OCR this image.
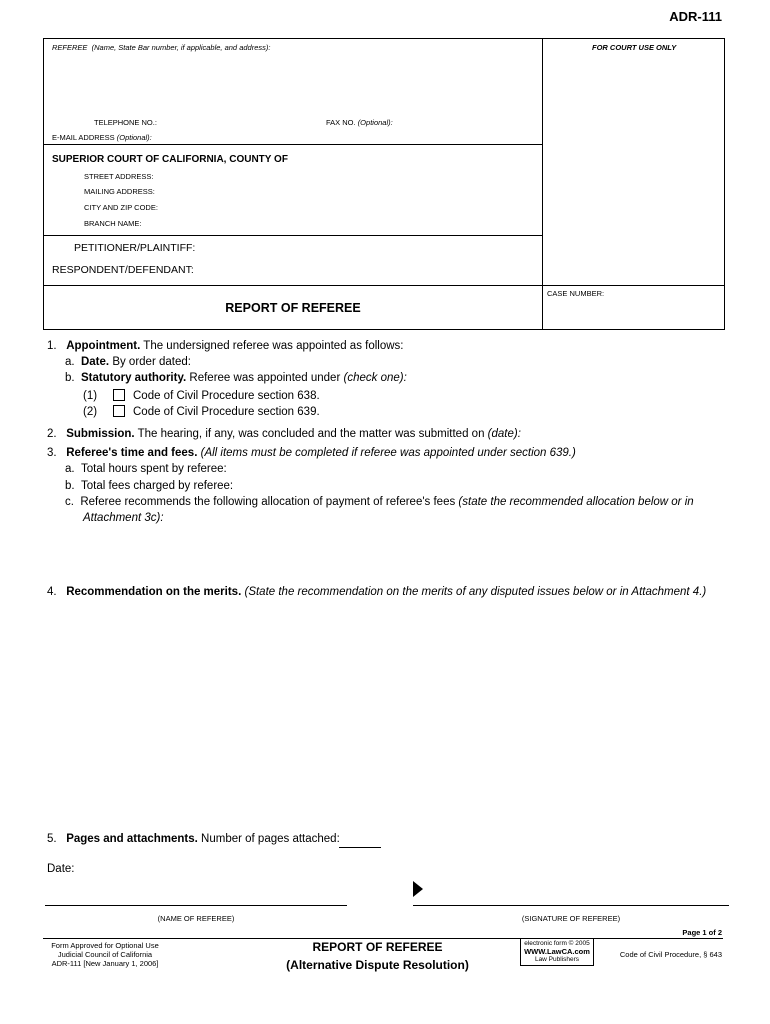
ADR-111
REFEREE (Name, State Bar number, if applicable, and address):	FOR COURT USE ONLY
TELEPHONE NO.:	FAX NO. (Optional):
E-MAIL ADDRESS (Optional):
SUPERIOR COURT OF CALIFORNIA, COUNTY OF
STREET ADDRESS:
MAILING ADDRESS:
CITY AND ZIP CODE:
BRANCH NAME:
PETITIONER/PLAINTIFF:
RESPONDENT/DEFENDANT:
CASE NUMBER:
REPORT OF REFEREE
1. Appointment. The undersigned referee was appointed as follows:
a. Date. By order dated:
b. Statutory authority. Referee was appointed under (check one):
(1)	Code of Civil Procedure section 638.
(2)	Code of Civil Procedure section 639.
2. Submission. The hearing, if any, was concluded and the matter was submitted on (date):
3. Referee's time and fees. (All items must be completed if referee was appointed under section 639.)
a. Total hours spent by referee:
b. Total fees charged by referee:
c. Referee recommends the following allocation of payment of referee's fees (state the recommended allocation below or in
Attachment 3c):
4. Recommendation on the merits. (State the recommendation on the merits of any disputed issues below or in Attachment 4.)
5. Pages and attachments. Number of pages attached:
Date:
(NAME OF REFEREE)	(SIGNATURE OF REFEREE)
Page 1 of 2
Form Approved for Optional Use
Judicial Council of California
ADR-111 [New January 1, 2006]
REPORT OF REFEREE
(Alternative Dispute Resolution)
electronic form © 2005
WWW.LawCA.com
Law Publishers
Code of Civil Procedure, § 643
